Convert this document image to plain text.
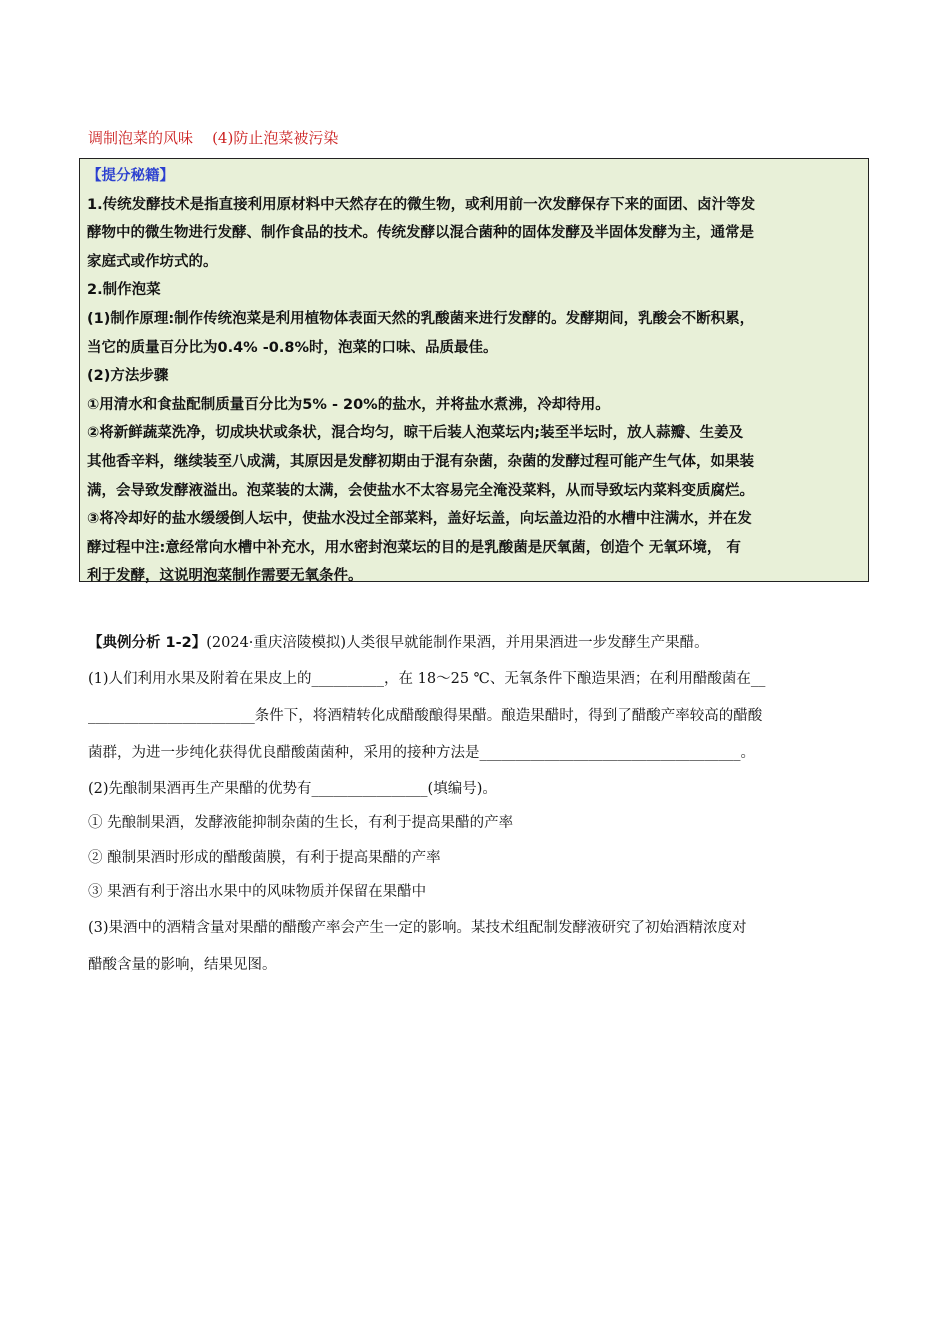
调制泡菜的风味    (4)防止泡菜被污染
【提分秘籍】
1.传统发酵技术是指直接利用原材料中天然存在的微生物，或利用前一次发酵保存下来的面团、卤汁等发
酵物中的微生物进行发酵、制作食品的技术。传统发酵以混合菌种的固体发酵及半固体发酵为主，通常是
家庭式或作坊式的。
2.制作泡菜
(1)制作原理:制作传统泡菜是利用植物体表面天然的乳酸菌来进行发酵的。发酵期间，乳酸会不断积累，
当它的质量百分比为0.4% -0.8%时，泡菜的口味、品质最佳。
(2)方法步骤
①用清水和食盐配制质量百分比为5% - 20%的盐水，并将盐水煮沸，冷却待用。
②将新鲜蔬菜洗净，切成块状或条状，混合均匀，晾干后装人泡菜坛内;装至半坛时，放人蒜瓣、生姜及
其他香辛料，继续装至八成满，其原因是发酵初期由于混有杂菌，杂菌的发酵过程可能产生气体，如果装
满，会导致发酵液溢出。泡菜装的太满，会使盐水不太容易完全淹没菜料，从而导致坛内菜料变质腐烂。
③将冷却好的盐水缓缓倒人坛中，使盐水没过全部菜料，盖好坛盖，向坛盖边沿的水槽中注满水，并在发
酵过程中注:意经常向水槽中补充水，用水密封泡菜坛的目的是乳酸菌是厌氧菌，创造个 无氧环境， 有
利于发酵，这说明泡菜制作需要无氧条件。
【典例分析 1-2】(2024·重庆涪陵模拟)人类很早就能制作果酒，并用果酒进一步发酵生产果醋。
(1)人们利用水果及附着在果皮上的__________，在 18～25 ℃、无氧条件下酿造果酒；在利用醋酸菌在__
_______________________条件下，将酒精转化成醋酸酿得果醋。酿造果醋时，得到了醋酸产率较高的醋酸
菌群，为进一步纯化获得优良醋酸菌菌种，采用的接种方法是____________________________________。
(2)先酿制果酒再生产果醋的优势有________________(填编号)。
① 先酿制果酒，发酵液能抑制杂菌的生长，有利于提高果醋的产率
② 酿制果酒时形成的醋酸菌膜，有利于提高果醋的产率
③ 果酒有利于溶出水果中的风味物质并保留在果醋中
(3)果酒中的酒精含量对果醋的醋酸产率会产生一定的影响。某技术组配制发酵液研究了初始酒精浓度对
醋酸含量的影响，结果见图。
